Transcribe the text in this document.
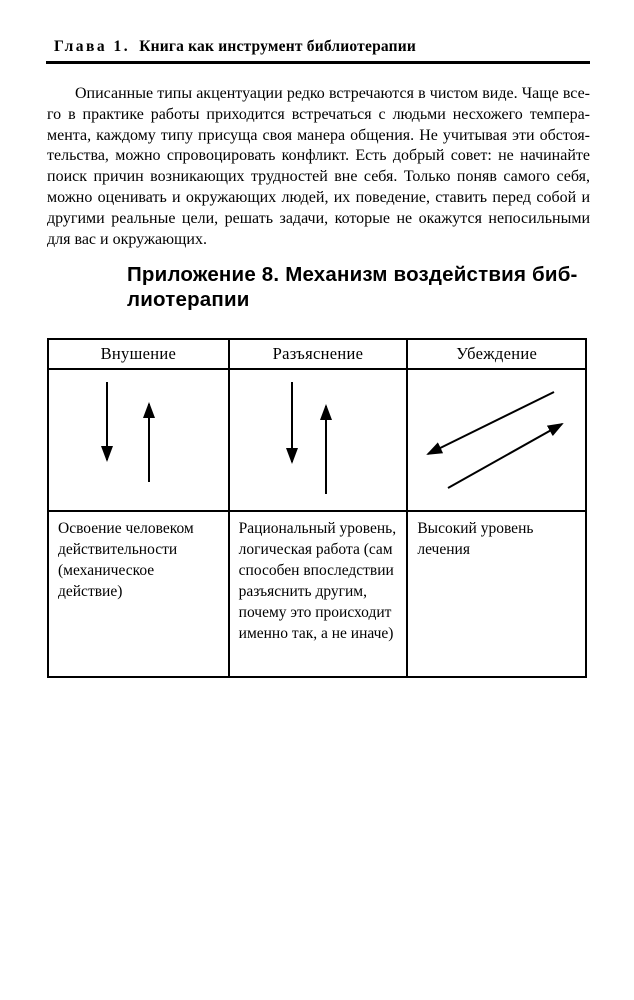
Глава 1. Книга как инструмент библиотерапии
Описанные типы акцентуации редко встречаются в чистом виде. Чаще все-
го в практике работы приходится встречаться с людьми несхожего темпера-
мента, каждому типу присуща своя манера общения. Не учитывая эти обстоя-
тельства, можно спровоцировать конфликт. Есть добрый совет: не начинайте
поиск причин возникающих трудностей вне себя. Только поняв самого себя,
можно оценивать и окружающих людей, их поведение, ставить перед собой и
другими реальные цели, решать задачи, которые не окажутся непосильными
для вас и окружающих.
Приложение 8. Механизм воздействия биб-
лиотерапии
Внушение	Разъяснение	Убеждение
Освоение человеком действительности (механическое действие)
Рациональный уровень, логическая работа (сам способен впоследствии разъяснить другим, почему это происходит именно так, а не иначе)
Высокий уровень лечения
